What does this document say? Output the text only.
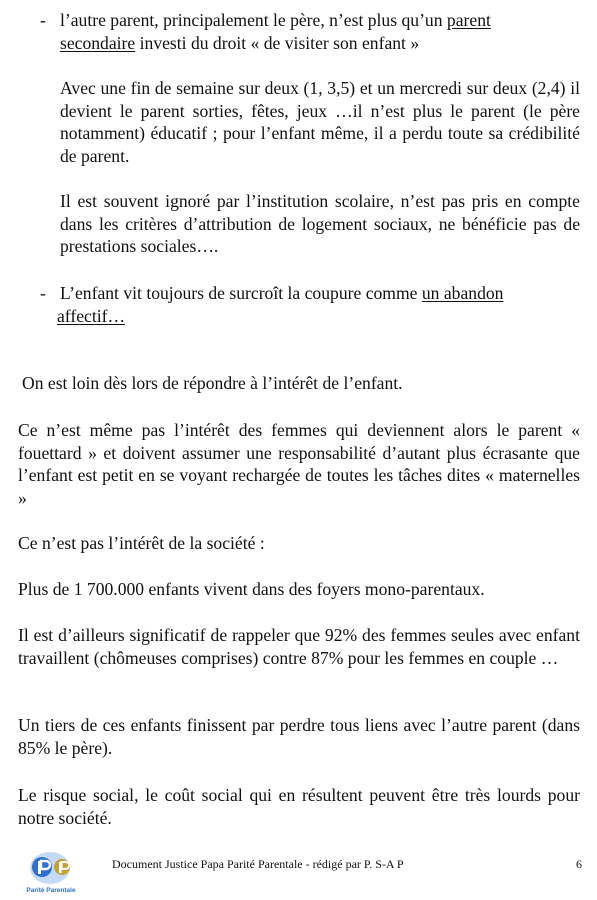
- l’autre parent, principalement le père, n’est plus qu’un parent
secondaire investi du droit « de visiter son enfant »

Avec une fin de semaine sur deux (1, 3,5) et un mercredi sur deux (2,4) il devient le parent sorties, fêtes, jeux …il n’est plus le parent (le père notamment) éducatif ; pour l’enfant même, il a perdu toute sa crédibilité de parent.

Il est souvent ignoré par l’institution scolaire, n’est pas pris en compte dans les critères d’attribution de logement sociaux, ne bénéficie pas de prestations sociales….

- L’enfant vit toujours de surcroît la coupure comme un abandon
affectif…

On est loin dès lors de répondre à l’intérêt de l’enfant.

Ce n’est même pas l’intérêt des femmes qui deviennent alors le parent « fouettard » et doivent assumer une responsabilité d’autant plus écrasante que l’enfant est petit en se voyant rechargée de toutes les tâches dites « maternelles »

Ce n’est pas l’intérêt de la société :

Plus de 1 700.000 enfants vivent dans des foyers mono-parentaux.

Il est d’ailleurs significatif de rappeler que 92% des femmes seules avec enfant travaillent (chômeuses comprises) contre 87% pour les femmes en couple …

Un tiers de ces enfants finissent par perdre tous liens avec l’autre parent (dans 85% le père).

Le risque social, le coût social qui en résultent peuvent être très lourds pour notre société.

Parité Parentale
Document Justice Papa Parité Parentale - rédigé par P. S-A P	6
